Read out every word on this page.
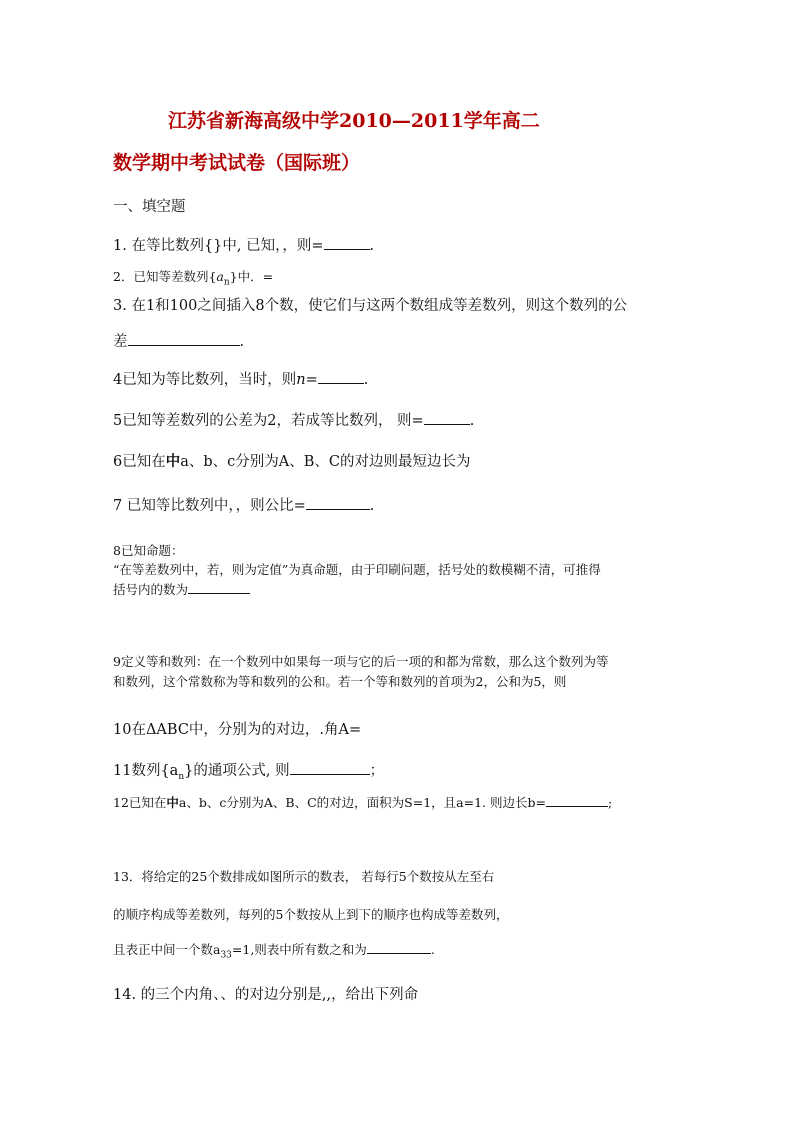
江苏省新海高级中学2010—2011学年高二
数学期中考试试卷（国际班）
一、填空题
1. 在等比数列{}中, 已知，，则=	.
2．已知等差数列$\{a_n\}$中．=
3. 在1和100之间插入8个数，使它们与这两个数组成等差数列，则这个数列的公
差	.
4已知为等比数列，当时，则n=	.
5已知等差数列的公差为2，若成等比数列， 则=	.
6已知在中a、b、c分别为A、B、C的对边则最短边长为
7 已知等比数列中，，则公比=	.
8已知命题：
“在等差数列中，若，则为定值”为真命题，由于印刷问题，括号处的数模糊不清，可推得
括号内的数为
9定义等和数列：在一个数列中如果每一项与它的后一项的和都为常数，那么这个数列为等
和数列，这个常数称为等和数列的公和。若一个等和数列的首项为2，公和为5，则
10在ΔABC中，分别为的对边，.角A=
11数列$\{a_n\}$的通项公式, 则	；
12已知在中a、b、c分别为A、B、C的对边，面积为S=1，且a=1. 则边长b=	;
13．将给定的25个数排成如图所示的数表， 若每行5个数按从左至右
的顺序构成等差数列，每列的5个数按从上到下的顺序也构成等差数列，
且表正中间一个数$a_{33}=1$,则表中所有数之和为	.
14. 的三个内角、、的对边分别是,,，给出下列命
